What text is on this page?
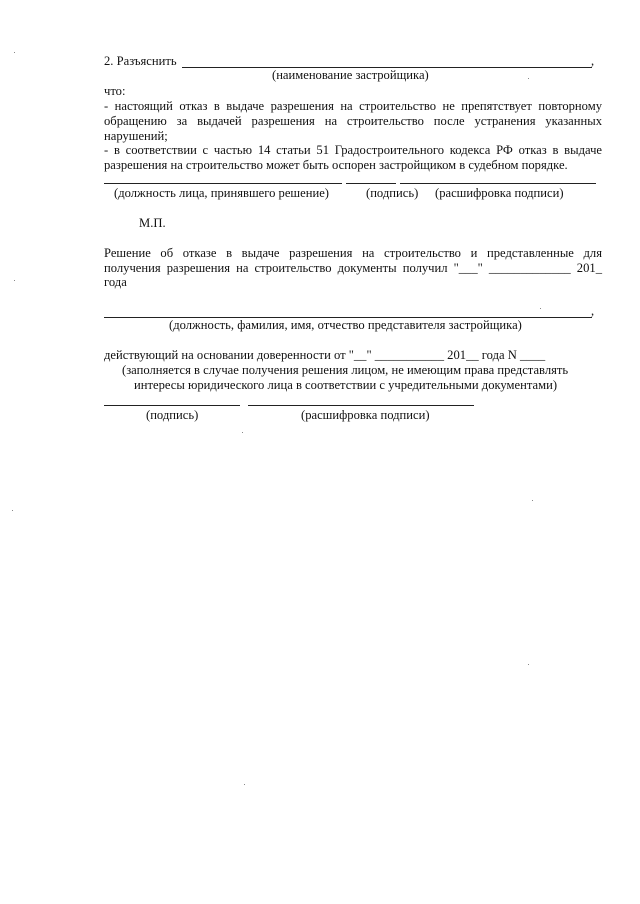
2. Разъяснить	,
(наименование застройщика)
что:
- настоящий отказ в выдаче разрешения на строительство не препятствует повторному
обращению за выдачей разрешения на строительство после устранения указанных
нарушений;
- в соответствии с частью 14 статьи 51 Градостроительного кодекса РФ отказ в выдаче
разрешения на строительство может быть оспорен застройщиком в судебном порядке.
(должность лица, принявшего решение)	(подпись) (расшифровка подписи)
М.П.
Решение об отказе в выдаче разрешения на строительство и представленные для
получения разрешения на строительство документы получил "___" _____________ 201_
года
,
(должность, фамилия, имя, отчество представителя застройщика)
действующий на основании доверенности от "__" ___________ 201__ года N ____
(заполняется в случае получения решения лицом, не имеющим права представлять
интересы юридического лица в соответствии с учредительными документами)
(подпись)	(расшифровка подписи)
